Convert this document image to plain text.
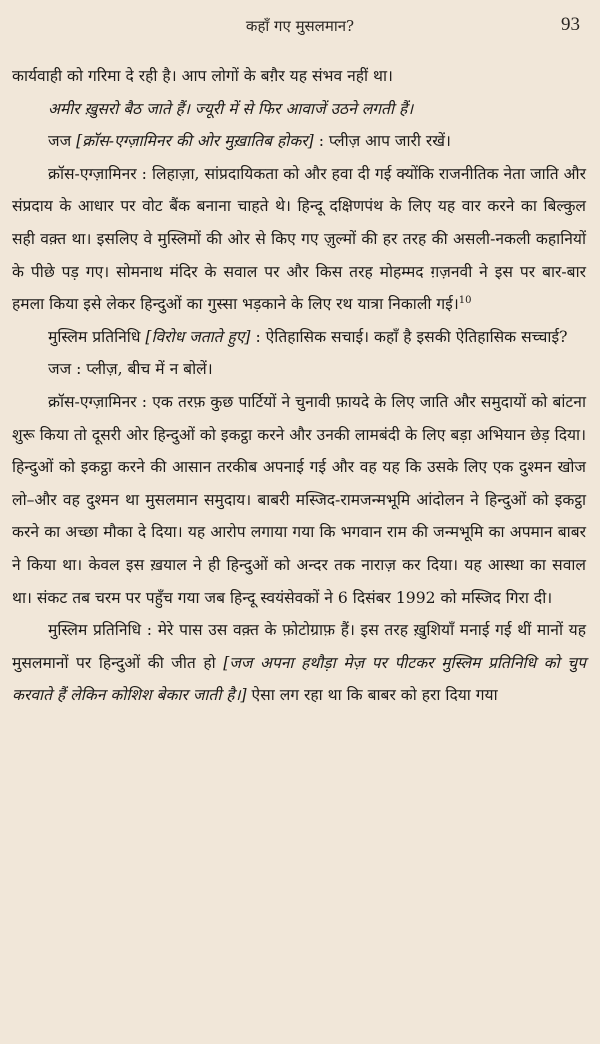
कहाँ गए मुसलमान?	93

कार्यवाही को गरिमा दे रही है। आप लोगों के बग़ैर यह संभव नहीं था।

अमीर ख़ुसरो बैठ जाते हैं। ज्यूरी में से फिर आवाजें उठने लगती हैं।

जज [क्रॉस-एग्ज़ामिनर की ओर मुख़ातिब होकर] : प्लीज़ आप जारी रखें।

क्रॉस-एग्ज़ामिनर : लिहाज़ा, सांप्रदायिकता को और हवा दी गई क्योंकि राजनीतिक नेता जाति और संप्रदाय के आधार पर वोट बैंक बनाना चाहते थे। हिन्दू दक्षिणपंथ के लिए यह वार करने का बिल्कुल सही वक़्त था। इसलिए वे मुस्लिमों की ओर से किए गए ज़ुल्मों की हर तरह की असली-नकली कहानियों के पीछे पड़ गए। सोमनाथ मंदिर के सवाल पर और किस तरह मोहम्मद ग़ज़नवी ने इस पर बार-बार हमला किया इसे लेकर हिन्दुओं का गुस्सा भड़काने के लिए रथ यात्रा निकाली गई।$^{10}$

मुस्लिम प्रतिनिधि [विरोध जताते हुए] : ऐतिहासिक सचाई। कहाँ है इसकी ऐतिहासिक सच्चाई?

जज : प्लीज़, बीच में न बोलें।

क्रॉस-एग्ज़ामिनर : एक तरफ़ कुछ पार्टियों ने चुनावी फ़ायदे के लिए जाति और समुदायों को बांटना शुरू किया तो दूसरी ओर हिन्दुओं को इकट्ठा करने और उनकी लामबंदी के लिए बड़ा अभियान छेड़ दिया। हिन्दुओं को इकट्ठा करने की आसान तरकीब अपनाई गई और वह यह कि उसके लिए एक दुश्मन खोज लो–और वह दुश्मन था मुसलमान समुदाय। बाबरी मस्जिद-रामजन्मभूमि आंदोलन ने हिन्दुओं को इकट्ठा करने का अच्छा मौका दे दिया। यह आरोप लगाया गया कि भगवान राम की जन्मभूमि का अपमान बाबर ने किया था। केवल इस ख़याल ने ही हिन्दुओं को अन्दर तक नाराज़ कर दिया। यह आस्था का सवाल था। संकट तब चरम पर पहुँच गया जब हिन्दू स्वयंसेवकों ने 6 दिसंबर 1992 को मस्जिद गिरा दी।

मुस्लिम प्रतिनिधि : मेरे पास उस वक़्त के फ़ोटोग्राफ़ हैं। इस तरह ख़ुशियाँ मनाई गई थीं मानों यह मुसलमानों पर हिन्दुओं की जीत हो [जज अपना हथौड़ा मेज़ पर पीटकर मुस्लिम प्रतिनिधि को चुप करवाते हैं लेकिन कोशिश बेकार जाती है।] ऐसा लग रहा था कि बाबर को हरा दिया गया
